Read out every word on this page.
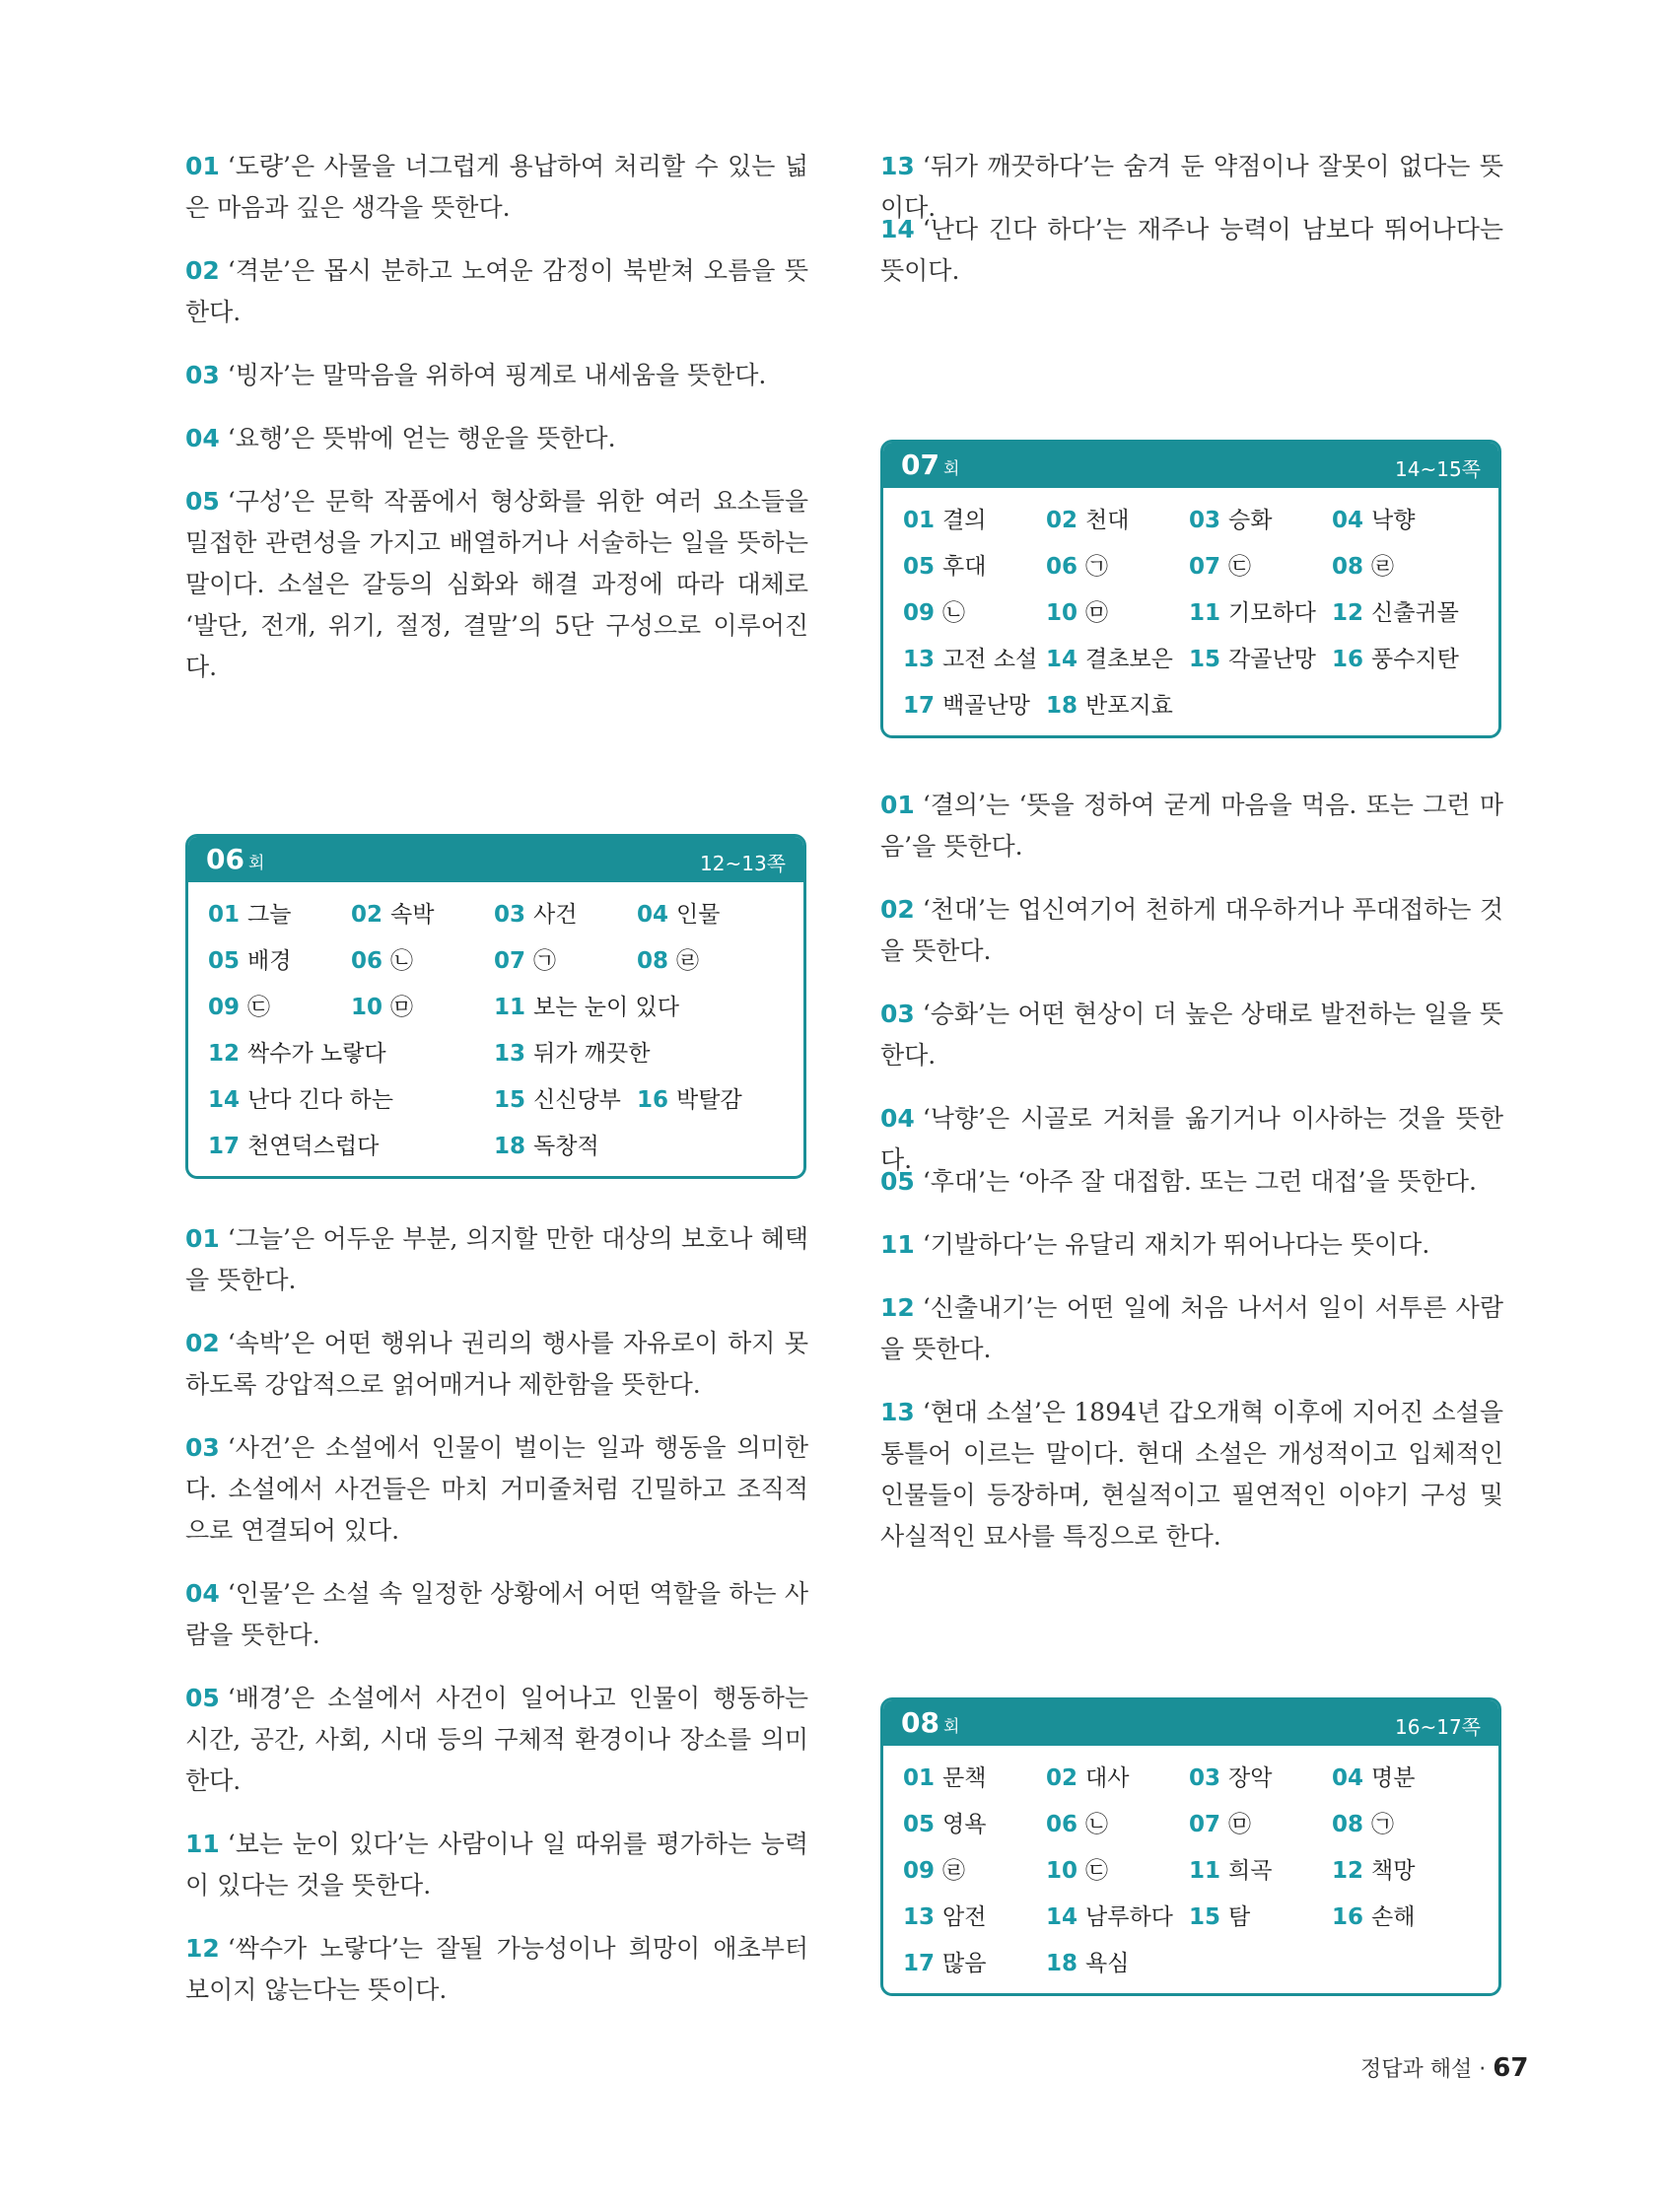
01 ‘도량’은 사물을 너그럽게 용납하여 처리할 수 있는 넓은 마음과 깊은 생각을 뜻한다.

02 ‘격분’은 몹시 분하고 노여운 감정이 북받쳐 오름을 뜻한다.

03 ‘빙자’는 말막음을 위하여 핑계로 내세움을 뜻한다.

04 ‘요행’은 뜻밖에 얻는 행운을 뜻한다.

05 ‘구성’은 문학 작품에서 형상화를 위한 여러 요소들을 밀접한 관련성을 가지고 배열하거나 서술하는 일을 뜻하는 말이다. 소설은 갈등의 심화와 해결 과정에 따라 대체로 ‘발단, 전개, 위기, 절정, 결말’의 5단 구성으로 이루어진다.

06 회	12~13쪽
01 그늘	02 속박	03 사건	04 인물
05 배경	06 ㉡	07 ㉠	08 ㉣
09 ㉢	10 ㉤	11 보는 눈이 있다
12 싹수가 노랗다	13 뒤가 깨끗한
14 난다 긴다 하는	15 신신당부 16 박탈감
17 천연덕스럽다	18 독창적

01 ‘그늘’은 어두운 부분, 의지할 만한 대상의 보호나 혜택을 뜻한다.

02 ‘속박’은 어떤 행위나 권리의 행사를 자유로이 하지 못하도록 강압적으로 얽어매거나 제한함을 뜻한다.

03 ‘사건’은 소설에서 인물이 벌이는 일과 행동을 의미한다. 소설에서 사건들은 마치 거미줄처럼 긴밀하고 조직적으로 연결되어 있다.

04 ‘인물’은 소설 속 일정한 상황에서 어떤 역할을 하는 사람을 뜻한다.

05 ‘배경’은 소설에서 사건이 일어나고 인물이 행동하는 시간, 공간, 사회, 시대 등의 구체적 환경이나 장소를 의미한다.

11 ‘보는 눈이 있다’는 사람이나 일 따위를 평가하는 능력이 있다는 것을 뜻한다.

12 ‘싹수가 노랗다’는 잘될 가능성이나 희망이 애초부터 보이지 않는다는 뜻이다.

13 ‘뒤가 깨끗하다’는 숨겨 둔 약점이나 잘못이 없다는 뜻이다.

14 ‘난다 긴다 하다’는 재주나 능력이 남보다 뛰어나다는 뜻이다.

07 회	14~15쪽
01 결의	02 천대	03 승화	04 낙향
05 후대	06 ㉠	07 ㉢	08 ㉣
09 ㉡	10 ㉤	11 기모하다 12 신출귀몰
13 고전 소설 14 결초보은 15 각골난망 16 풍수지탄
17 백골난망 18 반포지효

01 ‘결의’는 ‘뜻을 정하여 굳게 마음을 먹음. 또는 그런 마음’을 뜻한다.

02 ‘천대’는 업신여기어 천하게 대우하거나 푸대접하는 것을 뜻한다.

03 ‘승화’는 어떤 현상이 더 높은 상태로 발전하는 일을 뜻한다.

04 ‘낙향’은 시골로 거처를 옮기거나 이사하는 것을 뜻한다.

05 ‘후대’는 ‘아주 잘 대접함. 또는 그런 대접’을 뜻한다.

11 ‘기발하다’는 유달리 재치가 뛰어나다는 뜻이다.

12 ‘신출내기’는 어떤 일에 처음 나서서 일이 서투른 사람을 뜻한다.

13 ‘현대 소설’은 1894년 갑오개혁 이후에 지어진 소설을 통틀어 이르는 말이다. 현대 소설은 개성적이고 입체적인 인물들이 등장하며, 현실적이고 필연적인 이야기 구성 및 사실적인 묘사를 특징으로 한다.

08 회	16~17쪽
01 문책	02 대사	03 장악	04 명분
05 영욕	06 ㉡	07 ㉤	08 ㉠
09 ㉣	10 ㉢	11 희곡	12 책망
13 암전	14 남루하다 15 탐	16 손해
17 많음	18 욕심
정답과 해설 · 67
